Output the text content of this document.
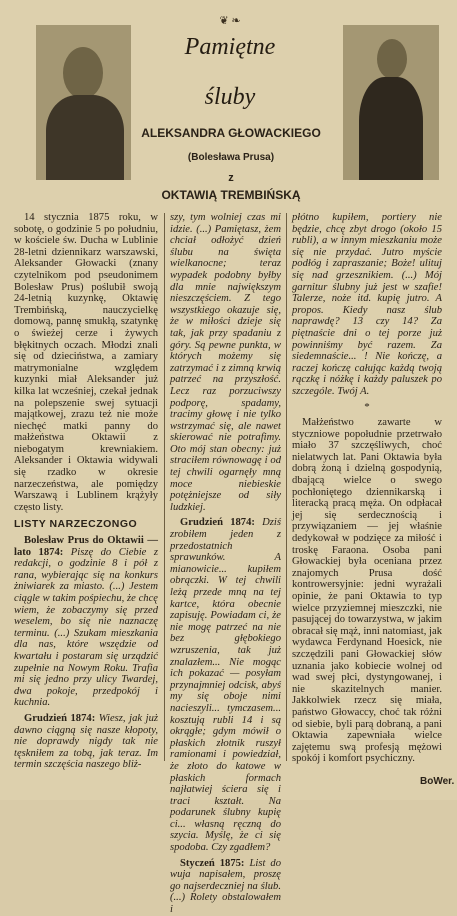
❦ ❧
Pamiętne
śluby
ALEKSANDRA GŁOWACKIEGO
(Bolesława Prusa)
z
OKTAWIĄ TREMBIŃSKĄ

14 stycznia 1875 roku, w sobotę, o godzinie 5 po południu, w kościele św. Ducha w Lublinie 28-letni dziennikarz warszawski, Aleksander Głowacki (znany czytelnikom pod pseudonimem Bolesław Prus) poślubił swoją 24-letnią kuzynkę, Oktawię Trembińską, nauczycielkę domową, pannę smukłą, szatynkę o świeżej cerze i żywych błękitnych oczach. Młodzi znali się od dzieciństwa, a zamiary matrymonialne względem kuzynki miał Aleksander już kilka lat wcześniej, czekał jednak na polepszenie swej sytuacji majątkowej, zrazu też nie może niechęć matki panny do małżeństwa Oktawii z niebogatym krewniakiem. Aleksander i Oktawia widywali się rzadko w okresie narzeczeństwa, ale pomiędzy Warszawą i Lublinem krążyły często listy.

LISTY NARZECZONGO

Bolesław Prus do Oktawii — lato 1874: Piszę do Ciebie z redakcji, o godzinie 8 i pół z rana, wybierając się na konkurs żniwiarek za miasto. (...) Jestem ciągle w takim pośpiechu, że chcę wiem, że zobaczymy się przed weselem, bo się nie naznaczę terminu. (...) Szukam mieszkania dla nas, które wszędzie od kwartału i postaram się urządzić zupełnie na Nowym Roku. Trafia mi się jedno przy ulicy Twardej, dwa pokoje, przedpokój i kuchnia.

Grudzień 1874: Wiesz, jak już dawno ciągną się nasze kłopoty, nie doprawdy nigdy tak nie tęskniłem za tobą, jak teraz. Im termin szczęścia naszego bliż-

szy, tym wolniej czas mi idzie. (...) Pamiętasz, żem chciał odłożyć dzień ślubu na święta wielkanocne; teraz wypadek podobny byłby dla mnie największym nieszczęściem. Z tego wszystkiego okazuje się, że w miłości dzieje się tak, jak przy spadaniu z góry. Są pewne punkta, w których możemy się zatrzymać i z zimną krwią patrzeć na przyszłość. Lecz raz porzuciwszy podporę, spadamy, tracimy głowę i nie tylko wstrzymać się, ale nawet skierować nie potrafimy. Oto mój stan obecny: już straciłem równowagę i od tej chwili ogarnęły mną moce niebieskie potężniejsze od siły ludzkiej.

Grudzień 1874: Dziś zrobiłem jeden z przedostatnich sprawunków. A mianowicie... kupiłem obrączki. W tej chwili leżą przede mną na tej kartce, która obecnie zapisuję. Powiadam ci, że nie mogę patrzeć na nie bez głębokiego wzruszenia, tak już znalazłem... Nie mogąc ich pokazać — posyłam przynajmniej odcisk, abyś my się oboje nimi nacieszyli... tymczasem... kosztują rubli 14 i są okrągłe; gdym mówił o płaskich złotnik ruszył ramionami i powiedział, że złoto do katowe w płaskich formach najłatwiej ściera się i traci kształt. Na podarunek ślubny kupię ci... własną ręczną do szycia. Myślę, że ci się spodoba. Czy zgadłem?

Styczeń 1875: List do wuja napisałem, proszę go najserdeczniej na ślub. (...) Rolety obstalowałem i

płótno kupiłem, portiery nie będzie, chcę zbyt drogo (około 15 rubli), a w innym mieszkaniu może się nie przydać. Jutro myście podłóg i zapraszanie; Boże! ulituj się nad grzesznikiem. (...) Mój garnitur ślubny już jest w szafie! Talerze, noże itd. kupię jutro. A propos. Kiedy nasz ślub naprawdę? 13 czy 14? Za piętnaście dni o tej porze już powinniśmy być razem. Za siedemnaście... ! Nie kończę, a raczej kończę całując każdą twoją rączkę i nóżkę i każdy paluszek po szczególe. Twój A.

*

Małżeństwo zawarte w styczniowe popołudnie przetrwało miało 37 szczęśliwych, choć nielatwych lat. Pani Oktawia była dobrą żoną i dzielną gospodynią, dbającą wielce o swego pochłoniętego dziennikarską i literacką pracą męża. On odpłacał jej się serdecznością i przywiązaniem — jej właśnie dedykował w podzięce za miłość i troskę Faraona. Osoba pani Głowackiej była oceniana przez znajomych Prusa dość kontrowersyjnie: jedni wyrażali opinie, że pani Oktawia to typ wielce przyziemnej mieszczki, nie pasującej do towarzystwa, w jakim obracał się mąż, inni natomiast, jak wydawca Ferdynand Hoesick, nie szczędzili pani Głowackiej słów uznania jako kobiecie wolnej od wad swej płci, dystyngowanej, i nie skazitelnych manier. Jakkolwiek rzecz się miała, państwo Głowaccy, choć tak różni od siebie, byli parą dobraną, a pani Oktawia zapewniała wielce zajętemu swą profesją mężowi spokój i komfort psychiczny.

BoWer.
